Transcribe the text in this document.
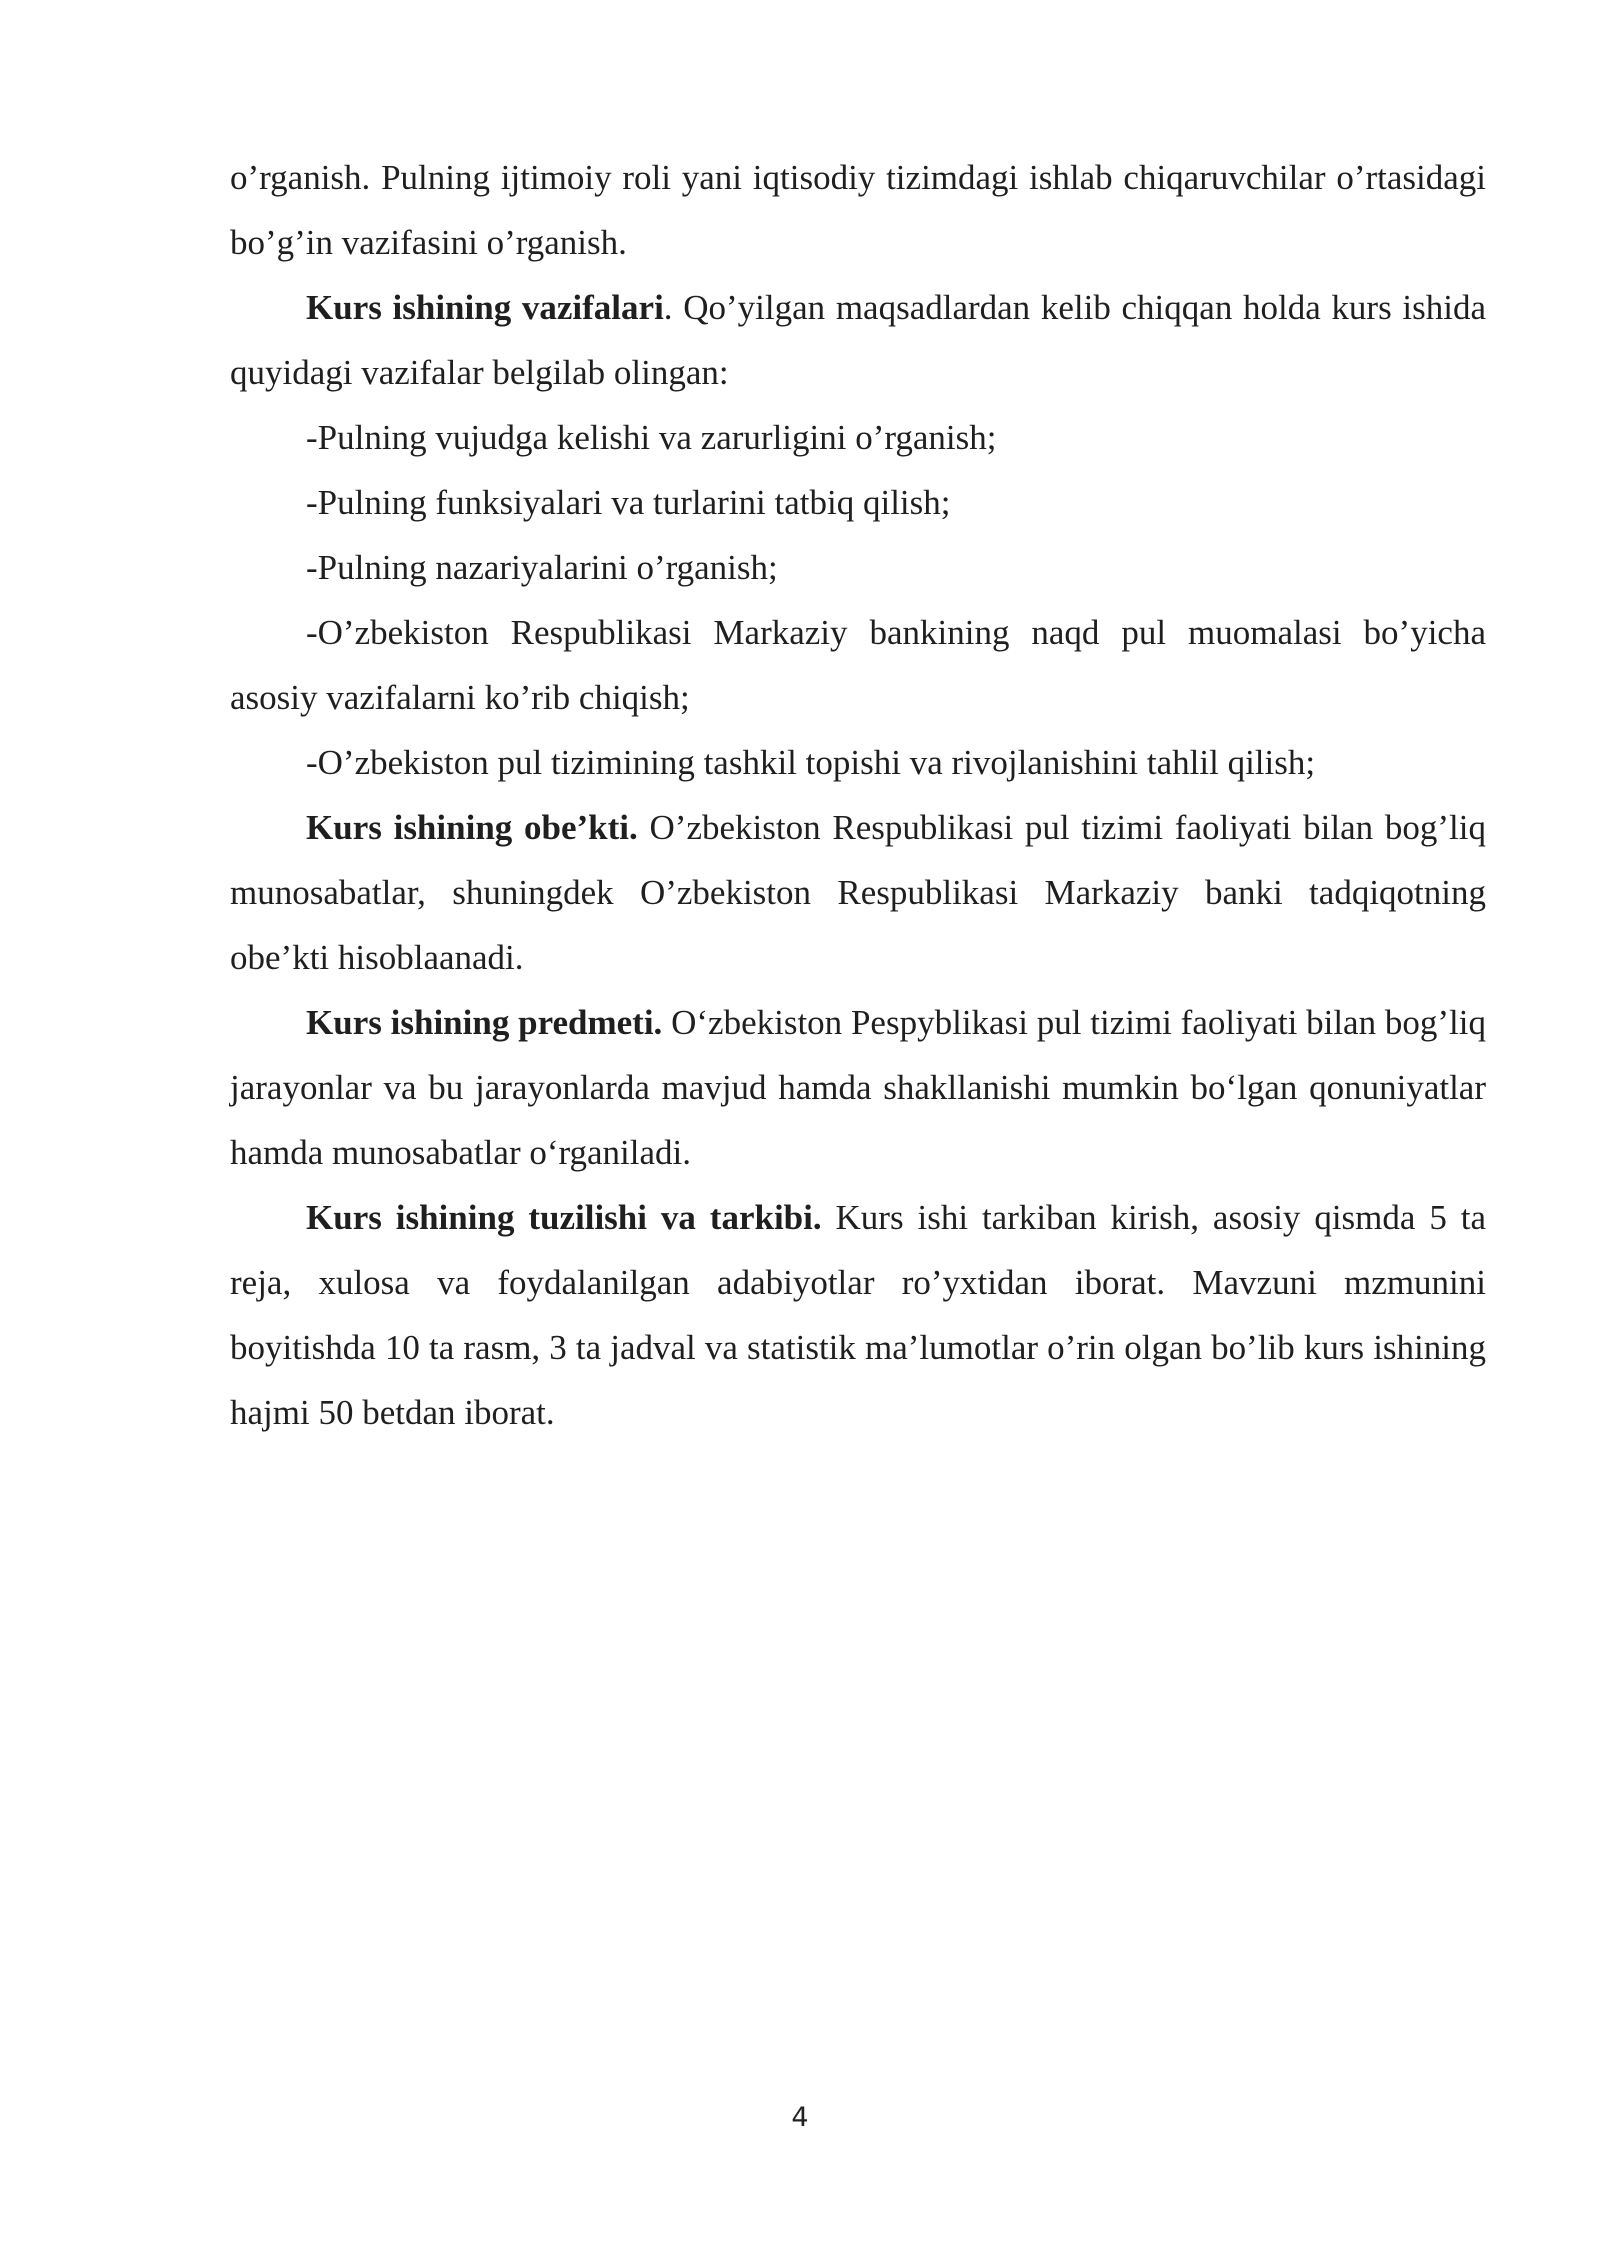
o’rganish. Pulning ijtimoiy roli yani iqtisodiy tizimdagi ishlab chiqaruvchilar o’rtasidagi bo’g’in vazifasini o’rganish.

Kurs ishining vazifalari. Qo’yilgan maqsadlardan kelib chiqqan holda kurs ishida quyidagi vazifalar belgilab olingan:

-Pulning vujudga kelishi va zarurligini o’rganish;

-Pulning funksiyalari va turlarini tatbiq qilish;

-Pulning nazariyalarini o’rganish;

-O’zbekiston Respublikasi Markaziy bankining naqd pul muomalasi bo’yicha asosiy vazifalarni ko’rib chiqish;

-O’zbekiston pul tizimining tashkil topishi va rivojlanishini tahlil qilish;

Kurs ishining obe’kti. O’zbekiston Respublikasi pul tizimi faoliyati bilan bog’liq munosabatlar, shuningdek O’zbekiston Respublikasi Markaziy banki tadqiqotning obe’kti hisoblaanadi.

Kurs ishining predmeti. O‘zbekiston Pespyblikasi pul tizimi faoliyati bilan bog’liq jarayonlar va bu jarayonlarda mavjud hamda shakllanishi mumkin bo‘lgan qonuniyatlar hamda munosabatlar o‘rganiladi.

Kurs ishining tuzilishi va tarkibi. Kurs ishi tarkiban kirish, asosiy qismda 5 ta reja, xulosa va foydalanilgan adabiyotlar ro’yxtidan iborat. Mavzuni mzmunini boyitishda 10 ta rasm, 3 ta jadval va statistik ma’lumotlar o’rin olgan bo’lib kurs ishining hajmi 50 betdan iborat.

4
